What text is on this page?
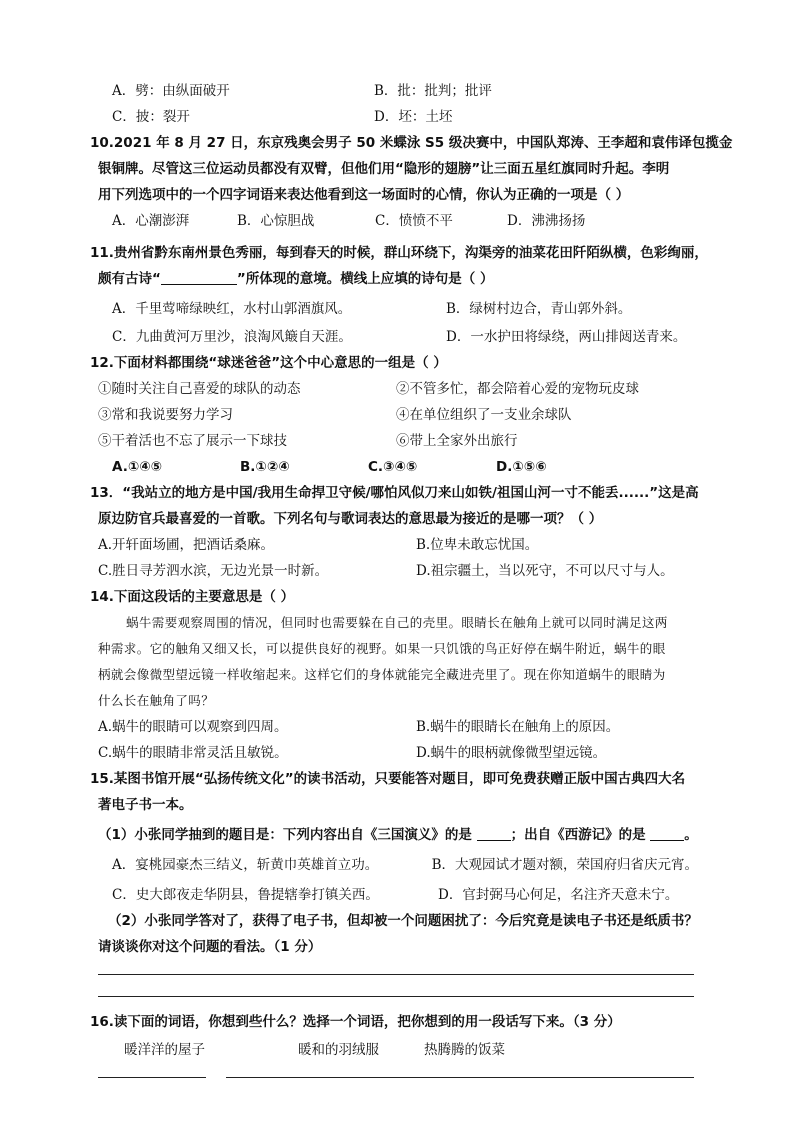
A．劈：由纵面破开	B．批：批判；批评
C．披：裂开	D．坯：土坯
10.2021 年 8 月 27 日，东京残奥会男子 50 米蝶泳 S5 级决赛中，中国队郑涛、王李超和袁伟译包揽金
银铜牌。尽管这三位运动员都没有双臂，但他们用“隐形的翅膀”让三面五星红旗同时升起。李明
用下列选项中的一个四字词语来表达他看到这一场面时的心情，你认为正确的一项是（ ）
A．心潮澎湃	B．心惊胆战	C．愤愤不平	D．沸沸扬扬
11.贵州省黔东南州景色秀丽，每到春天的时候，群山环绕下，沟渠旁的油菜花田阡陌纵横，色彩绚丽，
颇有古诗“	”所体现的意境。横线上应填的诗句是（ ）
A．千里莺啼绿映红，水村山郭酒旗风。	B．绿树村边合，青山郭外斜。
C．九曲黄河万里沙，浪淘风簸自天涯。	D．一水护田将绿绕，两山排闼送青来。
12.下面材料都围绕“球迷爸爸”这个中心意思的一组是（ ）
①随时关注自己喜爱的球队的动态	②不管多忙，都会陪着心爱的宠物玩皮球
③常和我说要努力学习	④在单位组织了一支业余球队
⑤干着活也不忘了展示一下球技	⑥带上全家外出旅行
A.①④⑤	B.①②④	C.③④⑤	D.①⑤⑥
13．“我站立的地方是中国/我用生命捍卫守候/哪怕风似刀来山如铁/祖国山河一寸不能丢......”这是高
原边防官兵最喜爱的一首歌。下列名句与歌词表达的意思最为接近的是哪一项？（ ）
A.开轩面场圃，把酒话桑麻。	B.位卑未敢忘忧国。
C.胜日寻芳泗水滨，无边光景一时新。	D.祖宗疆土，当以死守，不可以尺寸与人。
14.下面这段话的主要意思是（ ）
蜗牛需要观察周围的情况，但同时也需要躲在自己的壳里。眼睛长在触角上就可以同时满足这两
种需求。它的触角又细又长，可以提供良好的视野。如果一只饥饿的鸟正好停在蜗牛附近，蜗牛的眼
柄就会像微型望远镜一样收缩起来。这样它们的身体就能完全藏进壳里了。现在你知道蜗牛的眼睛为
什么长在触角了吗？
A.蜗牛的眼睛可以观察到四周。	B.蜗牛的眼睛长在触角上的原因。
C.蜗牛的眼睛非常灵活且敏锐。	D.蜗牛的眼柄就像微型望远镜。
15.某图书馆开展“弘扬传统文化”的读书活动，只要能答对题目，即可免费获赠正版中国古典四大名
著电子书一本。
（1）小张同学抽到的题目是：下列内容出自《三国演义》的是	；出自《西游记》的是	。
A．宴桃园豪杰三结义，斩黄巾英雄首立功。	B．大观园试才题对额，荣国府归省庆元宵。
C．史大郎夜走华阴县，鲁提辖拳打镇关西。	D．官封弼马心何足，名注齐天意未宁。
（2）小张同学答对了，获得了电子书，但却被一个问题困扰了：今后究竟是读电子书还是纸质书？
请谈谈你对这个问题的看法。（1 分）
16.读下面的词语，你想到些什么？选择一个词语，把你想到的用一段话写下来。（3 分）
暖洋洋的屋子	暖和的羽绒服	热腾腾的饭菜
